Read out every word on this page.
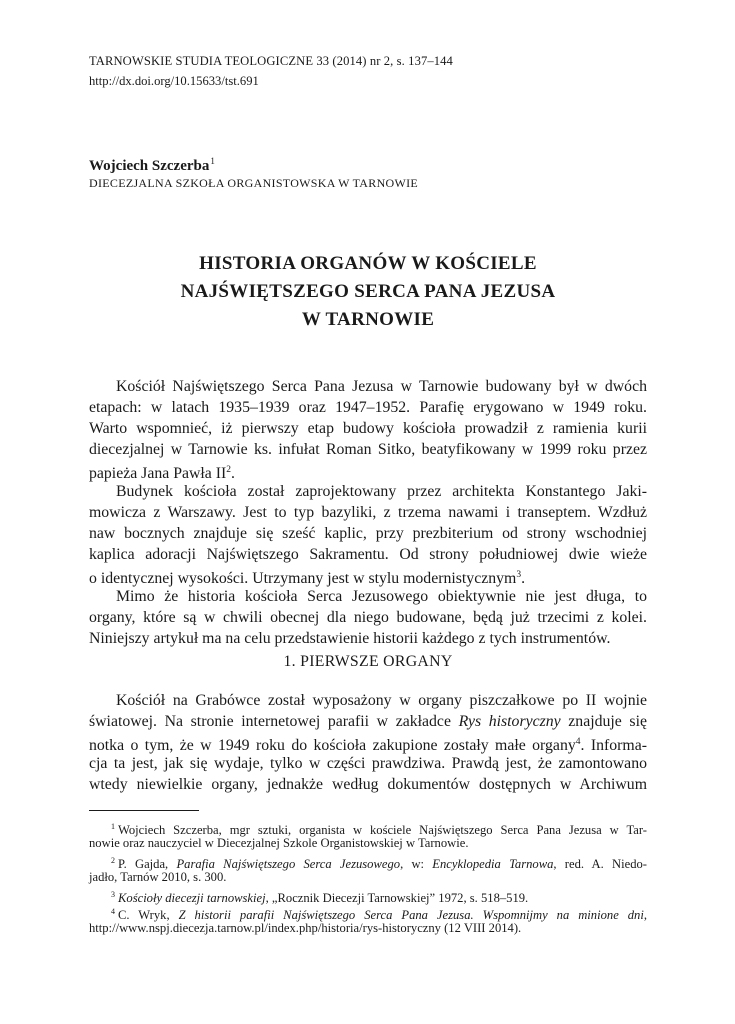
TARNOWSKIE STUDIA TEOLOGICZNE 33 (2014) nr 2, s. 137–144
http://dx.doi.org/10.15633/tst.691
Wojciech Szczerba$^1$
DIECEZJALNA SZKOŁA ORGANISTOWSKA W TARNOWIE
HISTORIA ORGANÓW W KOŚCIELE
NAJŚWIĘTSZEGO SERCA PANA JEZUSA
W TARNOWIE
Kościół Najświętszego Serca Pana Jezusa w Tarnowie budowany był w dwóch
etapach: w latach 1935–1939 oraz 1947–1952. Parafię erygowano w 1949 roku.
Warto wspomnieć, iż pierwszy etap budowy kościoła prowadził z ramienia kurii
diecezjalnej w Tarnowie ks. infułat Roman Sitko, beatyfikowany w 1999 roku przez
papieża Jana Pawła II$^2$.
Budynek kościoła został zaprojektowany przez architekta Konstantego Jaki-
mowicza z Warszawy. Jest to typ bazyliki, z trzema nawami i transeptem. Wzdłuż
naw bocznych znajduje się sześć kaplic, przy prezbiterium od strony wschodniej
kaplica adoracji Najświętszego Sakramentu. Od strony południowej dwie wieże
o identycznej wysokości. Utrzymany jest w stylu modernistycznym$^3$.
Mimo że historia kościoła Serca Jezusowego obiektywnie nie jest długa, to
organy, które są w chwili obecnej dla niego budowane, będą już trzecimi z kolei.
Niniejszy artykuł ma na celu przedstawienie historii każdego z tych instrumentów.
1. PIERWSZE ORGANY
Kościół na Grabówce został wyposażony w organy piszczałkowe po II wojnie
światowej. Na stronie internetowej parafii w zakładce Rys historyczny znajduje się
notka o tym, że w 1949 roku do kościoła zakupione zostały małe organy$^4$. Informa-
cja ta jest, jak się wydaje, tylko w części prawdziwa. Prawdą jest, że zamontowano
wtedy niewielkie organy, jednakże według dokumentów dostępnych w Archiwum
$^1$ Wojciech Szczerba, mgr sztuki, organista w kościele Najświętszego Serca Pana Jezusa w Tar-
nowie oraz nauczyciel w Diecezjalnej Szkole Organistowskiej w Tarnowie.
$^2$ P. Gajda, Parafia Najświętszego Serca Jezusowego, w: Encyklopedia Tarnowa, red. A. Niedo-
jadło, Tarnów 2010, s. 300.
$^3$ Kościoły diecezji tarnowskiej, „Rocznik Diecezji Tarnowskiej” 1972, s. 518–519.
$^4$ C. Wryk, Z historii parafii Najświętszego Serca Pana Jezusa. Wspomnijmy na minione dni,
http://www.nspj.diecezja.tarnow.pl/index.php/historia/rys-historyczny (12 VIII 2014).
